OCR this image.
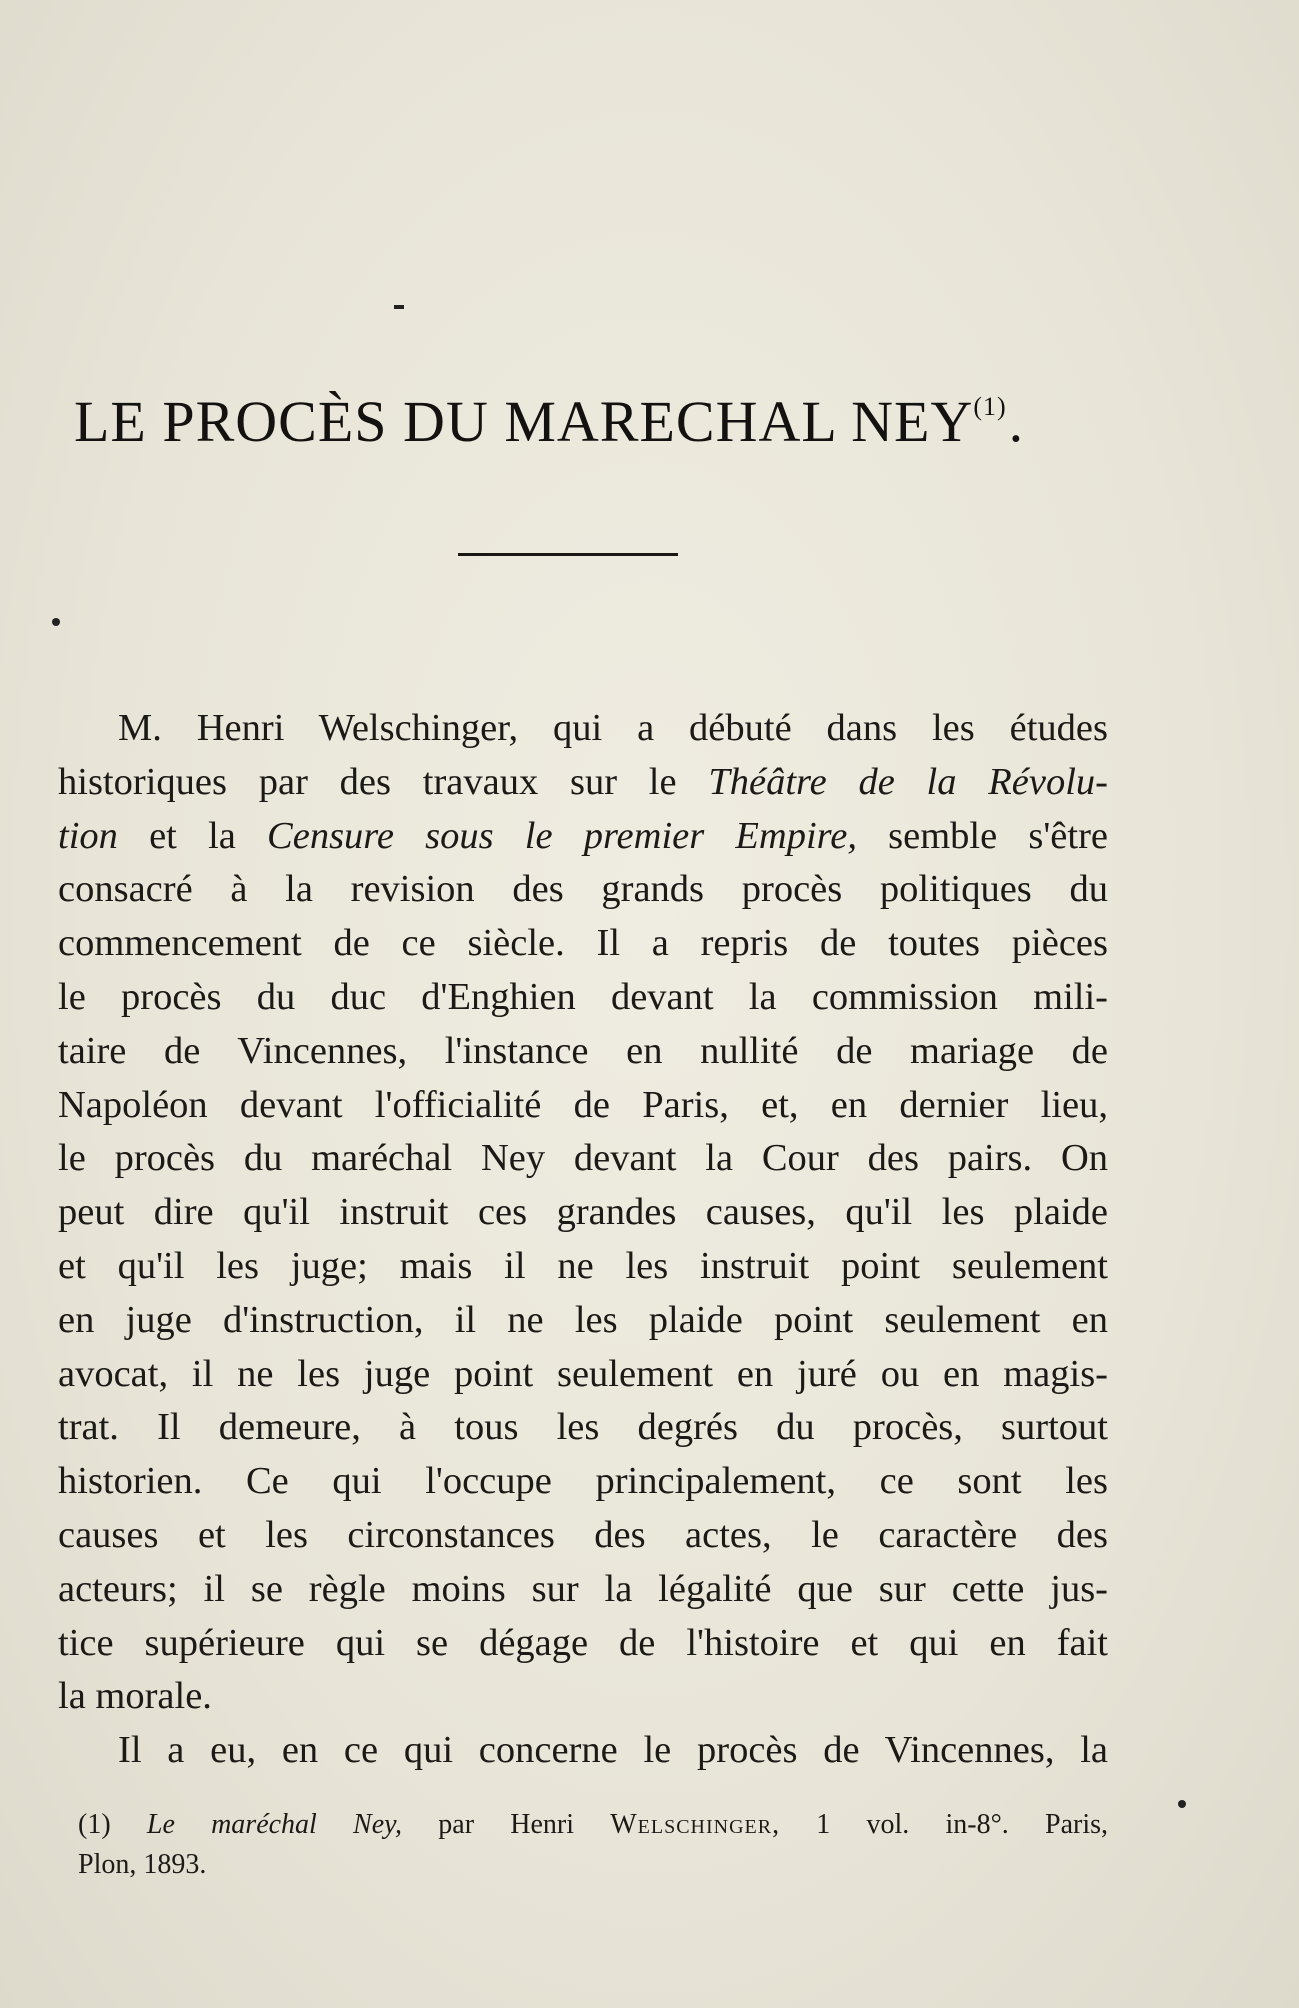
LE PROCÈS DU MARECHAL NEY$^{(1)}$.
M. Henri Welschinger, qui a débuté dans les études
historiques par des travaux sur le Théâtre de la Révolu-
tion et la Censure sous le premier Empire, semble s'être
consacré à la revision des grands procès politiques du
commencement de ce siècle. Il a repris de toutes pièces
le procès du duc d'Enghien devant la commission mili-
taire de Vincennes, l'instance en nullité de mariage de
Napoléon devant l'officialité de Paris, et, en dernier lieu,
le procès du maréchal Ney devant la Cour des pairs. On
peut dire qu'il instruit ces grandes causes, qu'il les plaide
et qu'il les juge; mais il ne les instruit point seulement
en juge d'instruction, il ne les plaide point seulement en
avocat, il ne les juge point seulement en juré ou en magis-
trat. Il demeure, à tous les degrés du procès, surtout
historien. Ce qui l'occupe principalement, ce sont les
causes et les circonstances des actes, le caractère des
acteurs; il se règle moins sur la légalité que sur cette jus-
tice supérieure qui se dégage de l'histoire et qui en fait
la morale.
Il a eu, en ce qui concerne le procès de Vincennes, la
(1) Le maréchal Ney, par Henri Welschinger, 1 vol. in-8°. Paris,
Plon, 1893.
